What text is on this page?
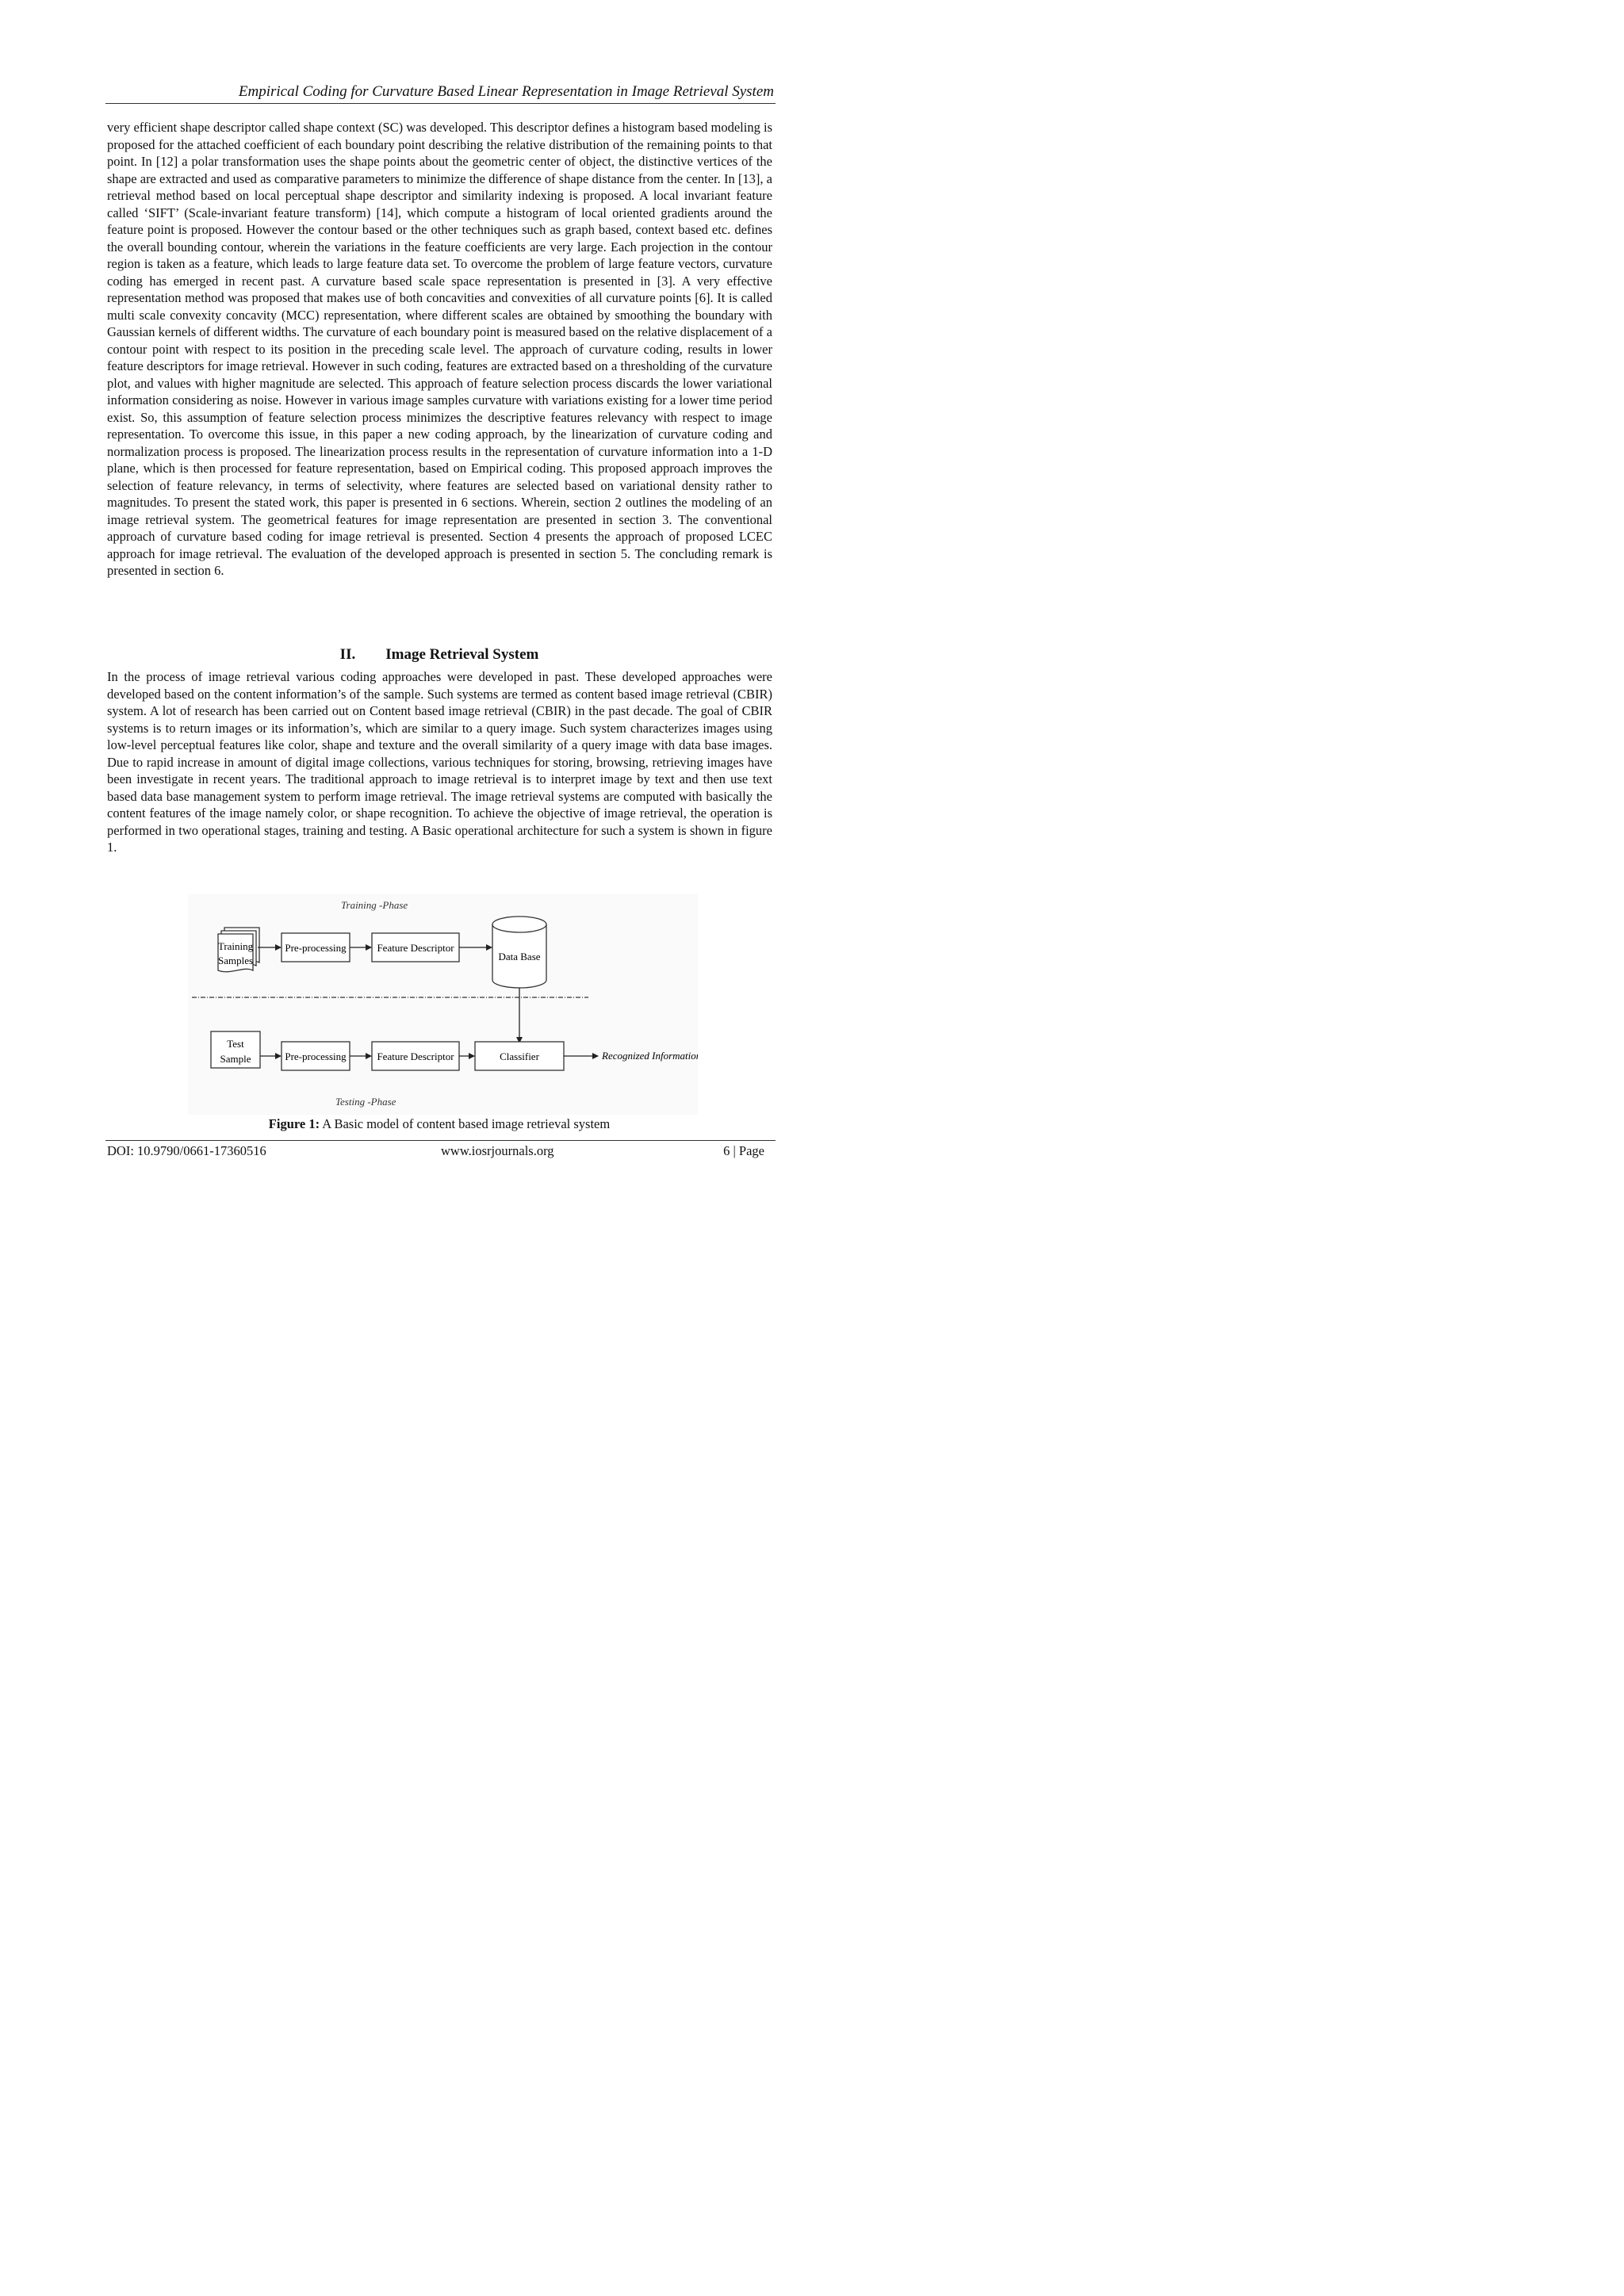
Empirical Coding for Curvature Based Linear Representation in Image Retrieval System

very efficient shape descriptor called shape context (SC) was developed. This descriptor defines a histogram based modeling is proposed for the attached coefficient of each boundary point describing the relative distribution of the remaining points to that point. In [12] a polar transformation uses the shape points about the geometric center of object, the distinctive vertices of the shape are extracted and used as comparative parameters to minimize the difference of shape distance from the center. In [13], a retrieval method based on local perceptual shape descriptor and similarity indexing is proposed. A local invariant feature called ‘SIFT’ (Scale-invariant feature transform) [14], which compute a histogram of local oriented gradients around the feature point is proposed. However the contour based or the other techniques such as graph based, context based etc. defines the overall bounding contour, wherein the variations in the feature coefficients are very large. Each projection in the contour region is taken as a feature, which leads to large feature data set. To overcome the problem of large feature vectors, curvature coding has emerged in recent past. A curvature based scale space representation is presented in [3]. A very effective representation method was proposed that makes use of both concavities and convexities of all curvature points [6]. It is called multi scale convexity concavity (MCC) representation, where different scales are obtained by smoothing the boundary with Gaussian kernels of different widths. The curvature of each boundary point is measured based on the relative displacement of a contour point with respect to its position in the preceding scale level. The approach of curvature coding, results in lower feature descriptors for image retrieval. However in such coding, features are extracted based on a thresholding of the curvature plot, and values with higher magnitude are selected. This approach of feature selection process discards the lower variational information considering as noise. However in various image samples curvature with variations existing for a lower time period exist. So, this assumption of feature selection process minimizes the descriptive features relevancy with respect to image representation. To overcome this issue, in this paper a new coding approach, by the linearization of curvature coding and normalization process is proposed. The linearization process results in the representation of curvature information into a 1-D plane, which is then processed for feature representation, based on Empirical coding. This proposed approach improves the selection of feature relevancy, in terms of selectivity, where features are selected based on variational density rather to magnitudes. To present the stated work, this paper is presented in 6 sections. Wherein, section 2 outlines the modeling of an image retrieval system. The geometrical features for image representation are presented in section 3. The conventional approach of curvature based coding for image retrieval is presented. Section 4 presents the approach of proposed LCEC approach for image retrieval. The evaluation of the developed approach is presented in section 5. The concluding remark is presented in section 6.

II. Image Retrieval System

In the process of image retrieval various coding approaches were developed in past. These developed approaches were developed based on the content information’s of the sample. Such systems are termed as content based image retrieval (CBIR) system. A lot of research has been carried out on Content based image retrieval (CBIR) in the past decade. The goal of CBIR systems is to return images or its information’s, which are similar to a query image. Such system characterizes images using low-level perceptual features like color, shape and texture and the overall similarity of a query image with data base images. Due to rapid increase in amount of digital image collections, various techniques for storing, browsing, retrieving images have been investigate in recent years. The traditional approach to image retrieval is to interpret image by text and then use text based data base management system to perform image retrieval. The image retrieval systems are computed with basically the content features of the image namely color, or shape recognition. To achieve the objective of image retrieval, the operation is performed in two operational stages, training and testing. A Basic operational architecture for such a system is shown in figure 1.

Training -Phase
Training
Samples
Pre-processing	Feature Descriptor
Data Base
Test
Sample	Pre-processing	Feature Descriptor	Classifier	Recognized Information
Testing -Phase
Figure 1: A Basic model of content based image retrieval system
DOI: 10.9790/0661-17360516	www.iosrjournals.org	6 | Page
